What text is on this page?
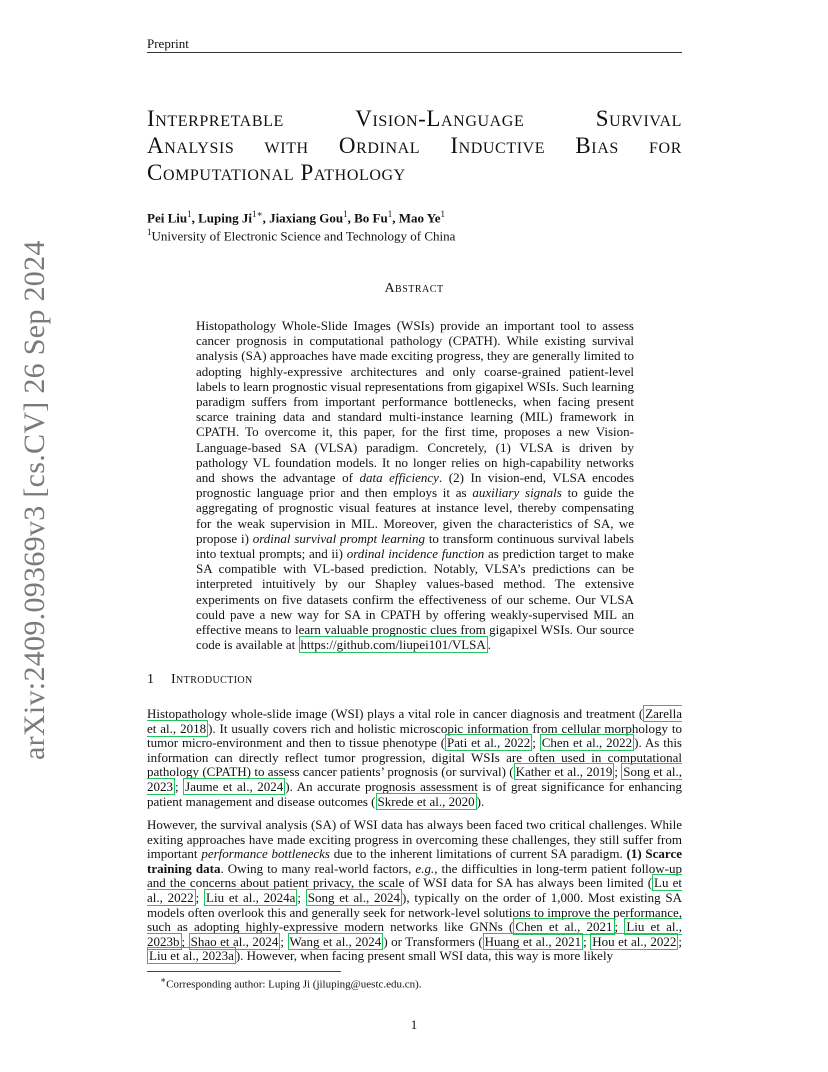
Preprint
arXiv:2409.09369v3 [cs.CV] 26 Sep 2024
Interpretable	Vision-Language	Survival
Analysis with Ordinal Inductive Bias for
Computational Pathology
Pei Liu$^1$, Luping $Ji^{1∗}$, Jiaxiang Gou$^1$, Bo Fu$^1$, Mao Ye$^1$
$^1$University of Electronic Science and Technology of China
Abstract

Histopathology Whole-Slide Images (WSIs) provide an important tool to assess cancer prognosis in computational pathology (CPATH). While existing survival analysis (SA) approaches have made exciting progress, they are generally limited to adopting highly-expressive architectures and only coarse-grained patient-level labels to learn prognostic visual representations from gigapixel WSIs. Such learning paradigm suffers from important performance bottlenecks, when facing present scarce training data and standard multi-instance learning (MIL) framework in CPATH. To overcome it, this paper, for the first time, proposes a new Vision-Language-based SA (VLSA) paradigm. Concretely, (1) VLSA is driven by pathology VL foundation models. It no longer relies on high-capability networks and shows the advantage of data efficiency. (2) In vision-end, VLSA encodes prognostic language prior and then employs it as auxiliary signals to guide the aggregating of prognostic visual features at instance level, thereby compensating for the weak supervision in MIL. Moreover, given the characteristics of SA, we propose i) ordinal survival prompt learning to transform continuous survival labels into textual prompts; and ii) ordinal incidence function as prediction target to make SA compatible with VL-based prediction. Notably, VLSA’s predictions can be interpreted intuitively by our Shapley values-based method. The extensive experiments on five datasets confirm the effectiveness of our scheme. Our VLSA could pave a new way for SA in CPATH by offering weakly-supervised MIL an effective means to learn valuable prognostic clues from gigapixel WSIs. Our source code is available at https://github.com/liupei101/VLSA .

1 Introduction

Histopathology whole-slide image (WSI) plays a vital role in cancer diagnosis and treatment ( Zarella et al., 2018 ). It usually covers rich and holistic microscopic information from cellular morphology to tumor micro-environment and then to tissue phenotype ( Pati et al., 2022 ; Chen et al., 2022 ). As this information can directly reflect tumor progression, digital WSIs are often used in computational pathology (CPATH) to assess cancer patients’ prognosis (or survival) ( Kather et al., 2019 ; Song et al., 2023 ; Jaume et al., 2024 ). An accurate prognosis assessment is of great significance for enhancing patient management and disease outcomes ( Skrede et al., 2020 ).

However, the survival analysis (SA) of WSI data has always been faced two critical challenges. While exiting approaches have made exciting progress in overcoming these challenges, they still suffer from important performance bottlenecks due to the inherent limitations of current SA paradigm. (1) Scarce training data. Owing to many real-world factors, e.g., the difficulties in long-term patient follow-up and the concerns about patient privacy, the scale of WSI data for SA has always been limited ( Lu et al., 2022 ; Liu et al., 2024a ; Song et al., 2024 ), typically on the order of 1,000. Most existing SA models often overlook this and generally seek for network-level solutions to improve the performance, such as adopting highly-expressive modern networks like GNNs ( Chen et al., 2021 ; Liu et al., 2023b ; Shao et al., 2024 ; Wang et al., 2024 ) or Transformers ( Huang et al., 2021 ; Hou et al., 2022 ; Liu et al., 2023a ). However, when facing present small WSI data, this way is more likely

∗Corresponding author: Luping Ji (jiluping@uestc.edu.cn).
1
